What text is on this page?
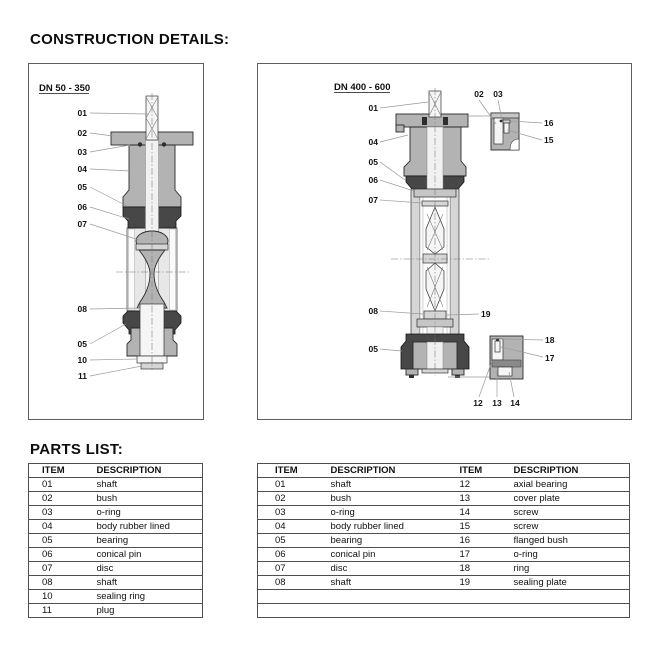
CONSTRUCTION DETAILS:
01
02
03
04
05
06
07
08
05
10
11
DN 50 - 350	02 03
16
15
18
17
12 13 14
01
04
05
06
07
08
05
19
DN 400 - 600
PARTS LIST:
ITEM	DESCRIPTION
01	shaft
02	bush
03	o-ring
04	body rubber lined
05	bearing
06	conical pin
07	disc
08	shaft
10	sealing ring
11	plug
ITEM	DESCRIPTION	ITEM	DESCRIPTION
01	shaft	12	axial bearing
02	bush	13	cover plate
03	o-ring	14	screw
04	body rubber lined	15	screw
05	bearing	16	flanged bush
06	conical pin	17	o-ring
07	disc	18	ring
08	shaft	19	sealing plate
